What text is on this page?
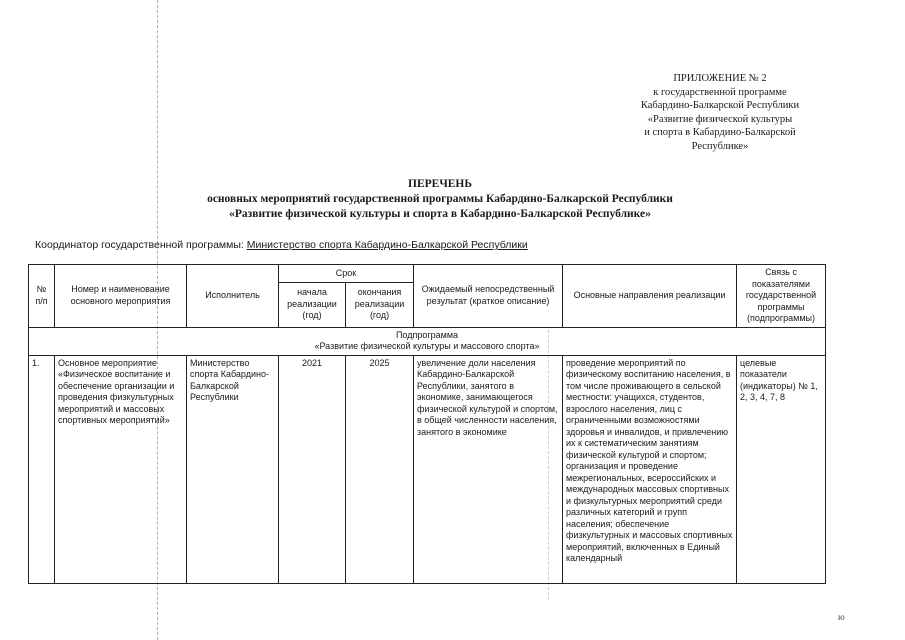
ПРИЛОЖЕНИЕ № 2
к государственной программе
Кабардино-Балкарской Республики
«Развитие физической культуры
и спорта в Кабардино-Балкарской
Республике»
ПЕРЕЧЕНЬ
основных мероприятий государственной программы Кабардино-Балкарской Республики
«Развитие физической культуры и спорта в Кабардино-Балкарской Республике»
Координатор государственной программы: Министерство спорта Кабардино-Балкарской Республики
№ п/п	Номер и наименование основного мероприятия	Исполнитель	Срок		Ожидаемый непосредственный результат (краткое описание)	Основные направления реализации	Связь с показателями государственной программы (подпрограммы)
			начала реализации (год)	окончания реализации (год)			

Подпрограмма
«Развитие физической культуры и массового спорта»							

1.	Основное мероприятие «Физическое воспитание и обеспечение организации и проведения физкультурных мероприятий и массовых спортивных мероприятий»	Министерство спорта Кабардино-Балкарской Республики	2021	2025	увеличение доли населения Кабардино-Балкарской Республики, занятого в экономике, занимающегося физической культурой и спортом, в общей численности населения, занятого в экономике	проведение мероприятий по физическому воспитанию населения, в том числе проживающего в сельской местности: учащихся, студентов, взрослого населения, лиц с ограниченными возможностями здоровья и инвалидов, и привлечению их к систематическим занятиям физической культурой и спортом; организация и проведение межрегиональных, всероссийских и международных массовых спортивных и физкультурных мероприятий среди различных категорий и групп населения; обеспечение физкультурных и массовых спортивных мероприятий, включенных в Единый календарный	целевые показатели (индикаторы) № 1, 2, 3, 4, 7, 8
ю
